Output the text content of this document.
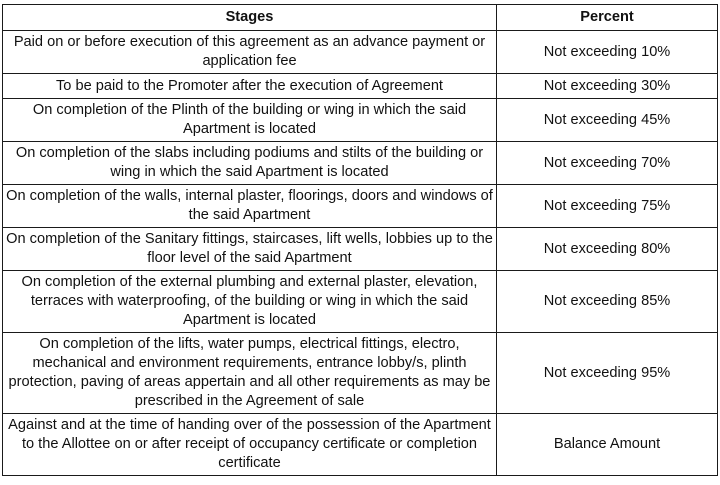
Stages	Percent
Paid on or before execution of this agreement as an advance payment or application fee	Not exceeding 10%
To be paid to the Promoter after the execution of Agreement	Not exceeding 30%
On completion of the Plinth of the building or wing in which the said Apartment is located	Not exceeding 45%
On completion of the slabs including podiums and stilts of the building or wing in which the said Apartment is located	Not exceeding 70%
On completion of the walls, internal plaster, floorings, doors and windows of the said Apartment	Not exceeding 75%
On completion of the Sanitary fittings, staircases, lift wells, lobbies up to the floor level of the said Apartment	Not exceeding 80%
On completion of the external plumbing and external plaster, elevation, terraces with waterproofing, of the building or wing in which the said Apartment is located	Not exceeding 85%
On completion of the lifts, water pumps, electrical fittings, electro, mechanical and environment requirements, entrance lobby/s, plinth protection, paving of areas appertain and all other requirements as may be prescribed in the Agreement of sale	Not exceeding 95%
Against and at the time of handing over of the possession of the Apartment to the Allottee on or after receipt of occupancy certificate or completion certificate	Balance Amount
